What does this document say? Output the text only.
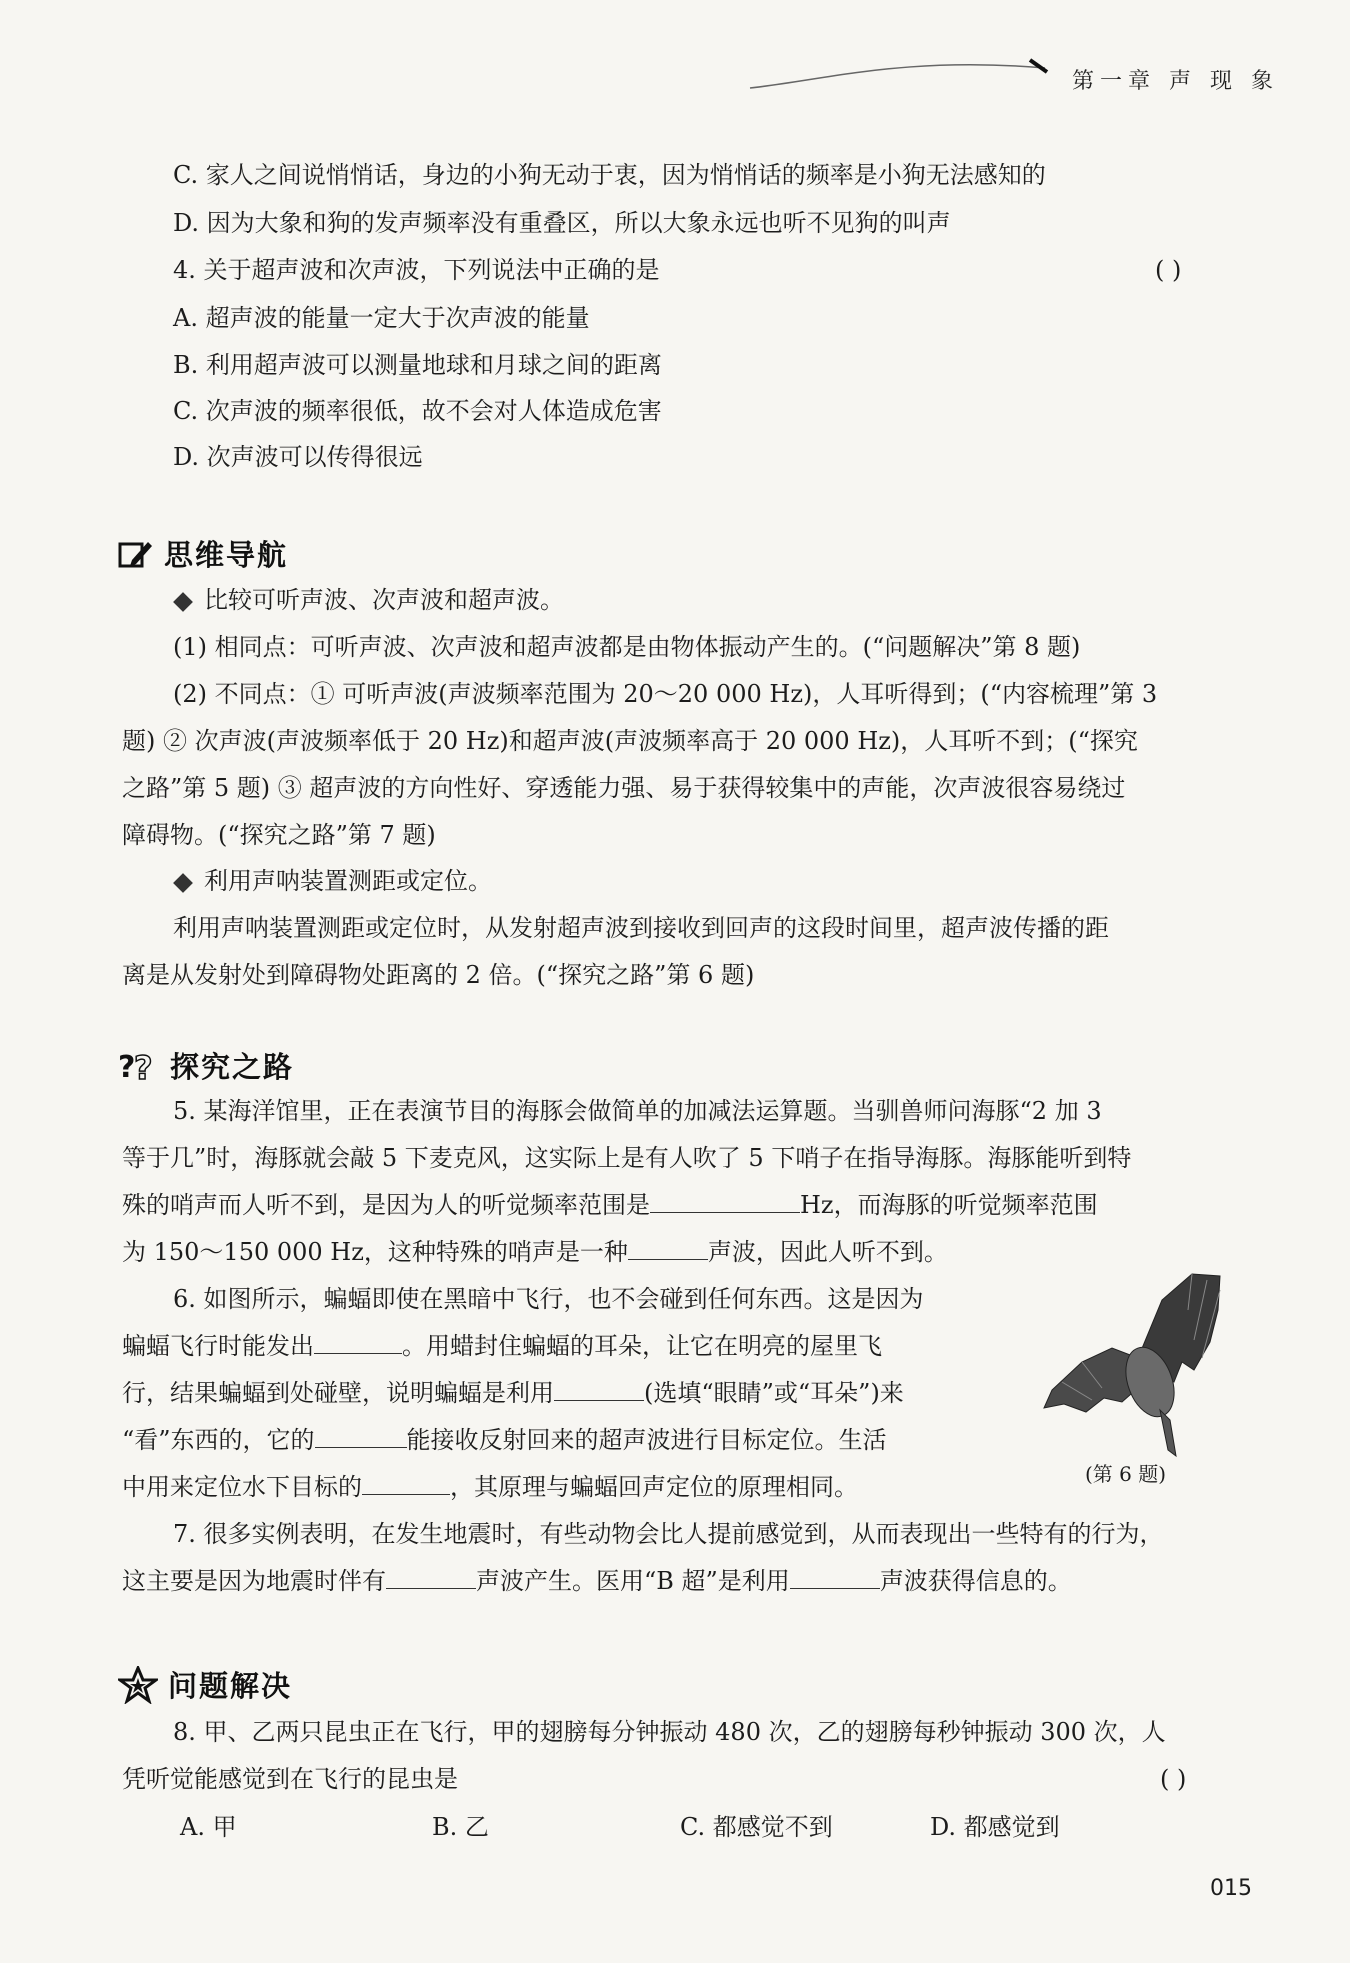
第一章 声 现 象
C. 家人之间说悄悄话，身边的小狗无动于衷，因为悄悄话的频率是小狗无法感知的
D. 因为大象和狗的发声频率没有重叠区，所以大象永远也听不见狗的叫声
4. 关于超声波和次声波，下列说法中正确的是	( )
A. 超声波的能量一定大于次声波的能量
B. 利用超声波可以测量地球和月球之间的距离
C. 次声波的频率很低，故不会对人体造成危害
D. 次声波可以传得很远
思维导航
比较可听声波、次声波和超声波。
(1) 相同点：可听声波、次声波和超声波都是由物体振动产生的。(“问题解决”第 8 题)
(2) 不同点：① 可听声波(声波频率范围为 20～20 000 Hz)，人耳听得到；(“内容梳理”第 3
题) ② 次声波(声波频率低于 20 Hz)和超声波(声波频率高于 20 000 Hz)，人耳听不到；(“探究
之路”第 5 题) ③ 超声波的方向性好、穿透能力强、易于获得较集中的声能，次声波很容易绕过
障碍物。(“探究之路”第 7 题)
利用声呐装置测距或定位。
利用声呐装置测距或定位时，从发射超声波到接收到回声的这段时间里，超声波传播的距
离是从发射处到障碍物处距离的 2 倍。(“探究之路”第 6 题)
?
? 探究之路
5. 某海洋馆里，正在表演节目的海豚会做简单的加减法运算题。当驯兽师问海豚“2 加 3
等于几”时，海豚就会敲 5 下麦克风，这实际上是有人吹了 5 下哨子在指导海豚。海豚能听到特
殊的哨声而人听不到，是因为人的听觉频率范围是	Hz，而海豚的听觉频率范围
为 150～150 000 Hz，这种特殊的哨声是一种	声波，因此人听不到。
6. 如图所示，蝙蝠即使在黑暗中飞行，也不会碰到任何东西。这是因为
蝙蝠飞行时能发出	。用蜡封住蝙蝠的耳朵，让它在明亮的屋里飞
行，结果蝙蝠到处碰壁，说明蝙蝠是利用	(选填“眼睛”或“耳朵”)来
“看”东西的，它的	能接收反射回来的超声波进行目标定位。生活
中用来定位水下目标的	，其原理与蝙蝠回声定位的原理相同。	(第 6 题)
7. 很多实例表明，在发生地震时，有些动物会比人提前感觉到，从而表现出一些特有的行为，
这主要是因为地震时伴有	声波产生。医用“B 超”是利用	声波获得信息的。
问题解决
8. 甲、乙两只昆虫正在飞行，甲的翅膀每分钟振动 480 次，乙的翅膀每秒钟振动 300 次，人
凭听觉能感觉到在飞行的昆虫是	( )
A. 甲	B. 乙	C. 都感觉不到	D. 都感觉到
015
